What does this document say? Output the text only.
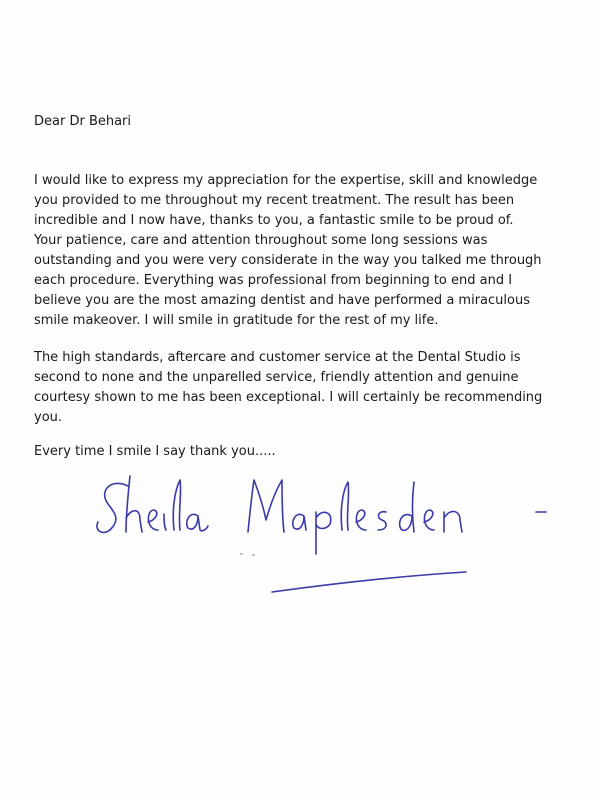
Dear Dr Behari

I would like to express my appreciation for the expertise, skill and knowledge

you provided to me throughout my recent treatment. The result has been

incredible and I now have, thanks to you, a fantastic smile to be proud of.

Your patience, care and attention throughout some long sessions was

outstanding and you were very considerate in the way you talked me through

each procedure. Everything was professional from beginning to end and I

believe you are the most amazing dentist and have performed a miraculous

smile makeover. I will smile in gratitude for the rest of my life.

The high standards, aftercare and customer service at the Dental Studio is

second to none and the unparelled service, friendly attention and genuine

courtesy shown to me has been exceptional. I will certainly be recommending

you.

Every time I smile I say thank you.....
